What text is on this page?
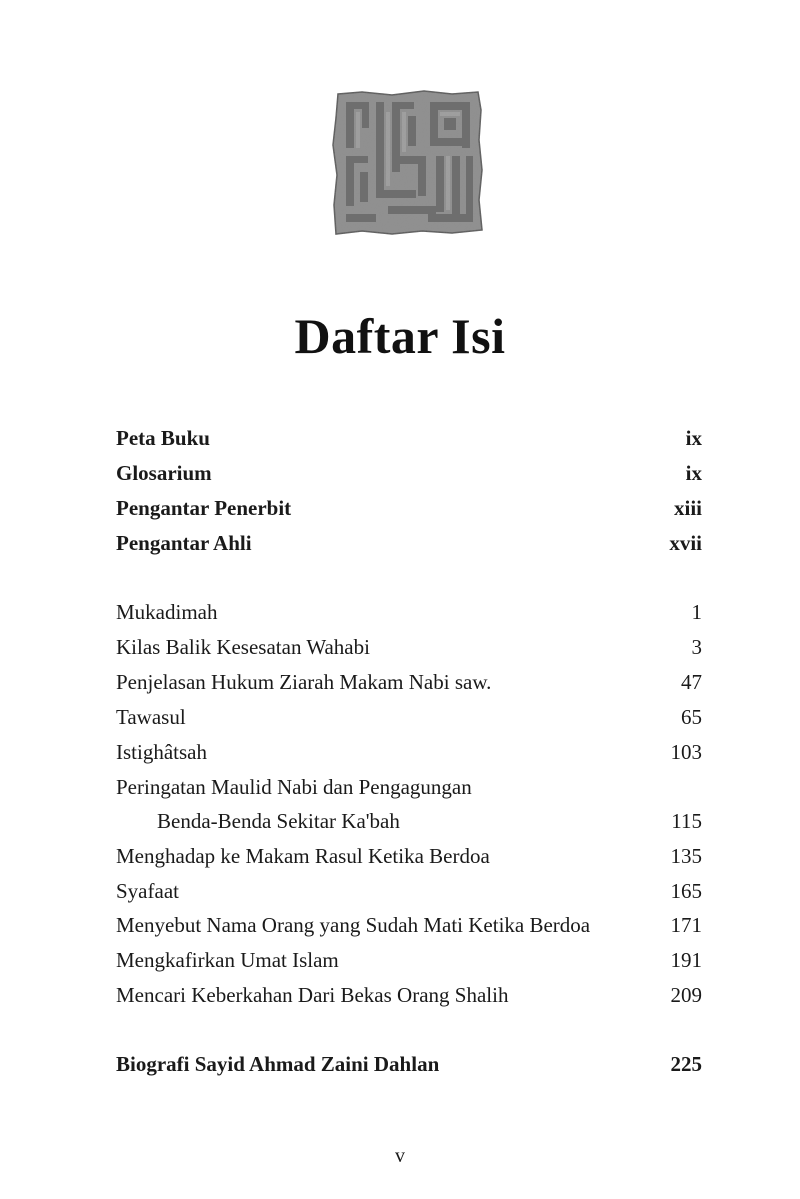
Daftar Isi
Peta Buku	ix
Glosarium	ix
Pengantar Penerbit	xiii
Pengantar Ahli	xvii
Mukadimah	1
Kilas Balik Kesesatan Wahabi	3
Penjelasan Hukum Ziarah Makam Nabi saw.	47
Tawasul	65
Istighâtsah	103
Peringatan Maulid Nabi dan Pengagungan
Benda-Benda Sekitar Ka'bah	115
Menghadap ke Makam Rasul Ketika Berdoa	135
Syafaat	165
Menyebut Nama Orang yang Sudah Mati Ketika Berdoa	171
Mengkafirkan Umat Islam	191
Mencari Keberkahan Dari Bekas Orang Shalih	209
Biografi Sayid Ahmad Zaini Dahlan	225
v
